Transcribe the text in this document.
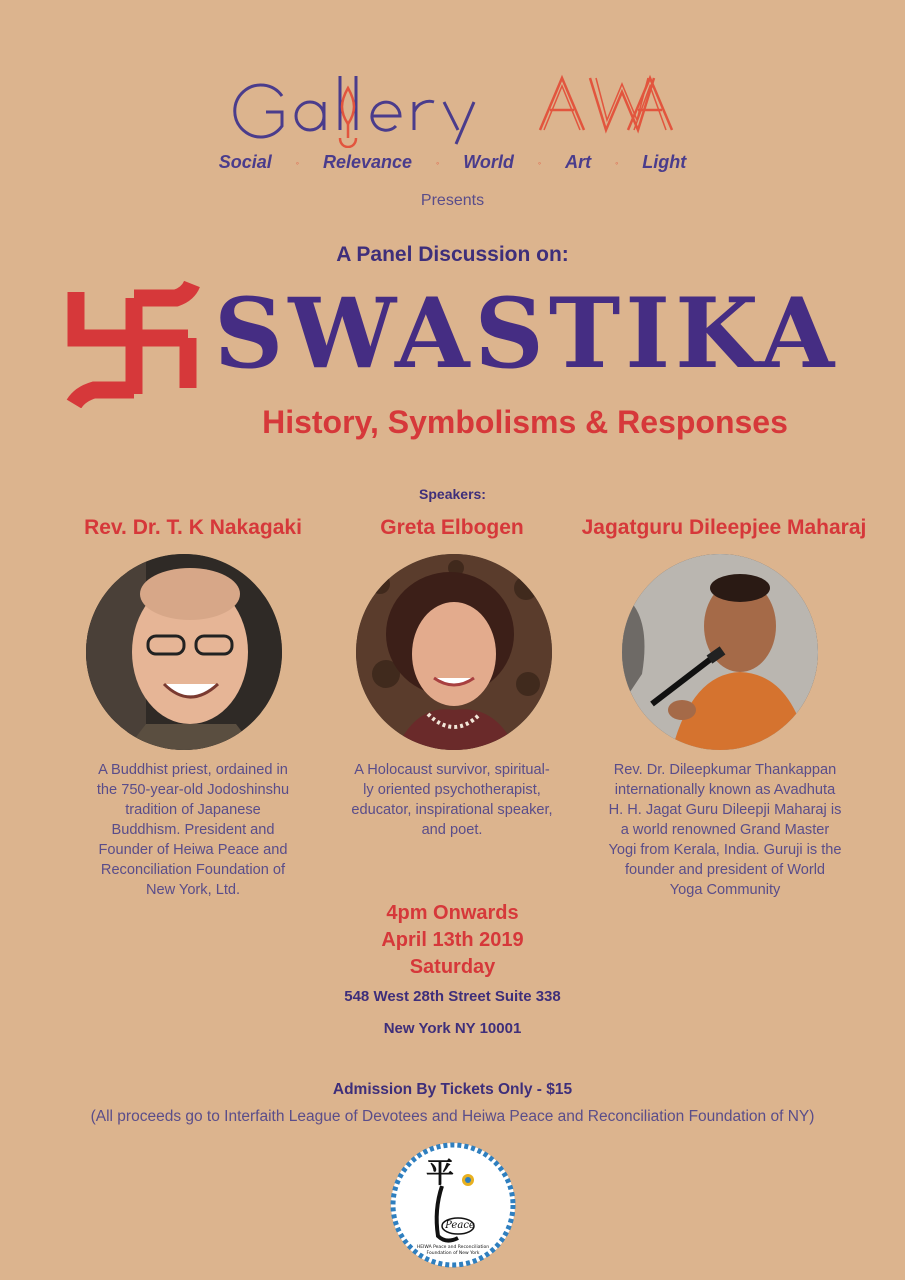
Social	◦ Relevance	◦ World	◦ Art	◦ Light
Presents
A Panel Discussion on:
SWASTIKA
History, Symbolisms & Responses
Speakers:
Rev. Dr. T. K Nakagaki
A Buddhist priest, ordained in
the 750-year-old Jodoshinshu
tradition of Japanese
Buddhism. President and
Founder of Heiwa Peace and
Reconciliation Foundation of
New York, Ltd.
Greta Elbogen
A Holocaust survivor, spiritual-
ly oriented psychotherapist,
educator, inspirational speaker,
and poet.
Jagatguru Dileepjee Maharaj
Rev. Dr. Dileepkumar Thankappan
internationally known as Avadhuta
H. H. Jagat Guru Dileepji Maharaj is
a world renowned Grand Master
Yogi from Kerala, India. Guruji is the
founder and president of World
Yoga Community
4pm Onwards
April 13th 2019
Saturday
548 West 28th Street Suite 338
New York NY 10001
Admission By Tickets Only - $15
(All proceeds go to Interfaith League of Devotees and Heiwa Peace and Reconciliation Foundation of NY)
平
Peace
HEIWA Peace and Reconciliation
Foundation of New York
